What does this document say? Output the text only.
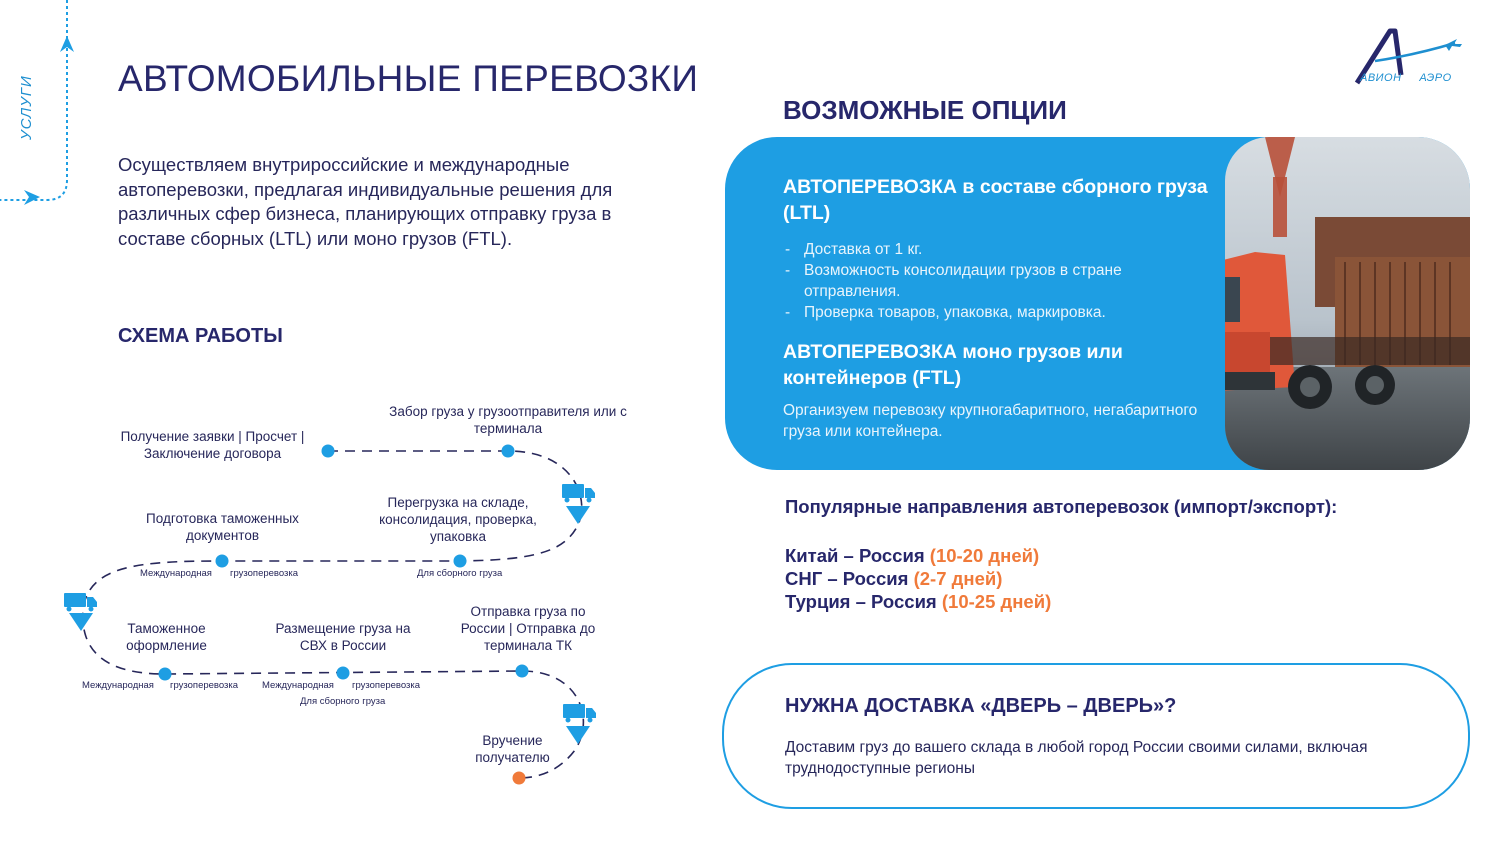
УСЛУГИ	АВИОН АЭРО
АВТОМОБИЛЬНЫЕ ПЕРЕВОЗКИ

Осуществляем внутрироссийские и международные автоперевозки, предлагая индивидуальные решения для различных сфер бизнеса, планирующих отправку груза в составе сборных (LTL) или моно грузов (FTL).

СХЕМА РАБОТЫ
Получение заявки | Просчет | Заключение договора
Забор груза у грузоотправителя или с терминала
Перегрузка на складе, консолидация, проверка, упаковка
Подготовка таможенных документов
Таможенное оформление
Размещение груза на СВХ в России
Отправка груза по России | Отправка до терминала ТК
Вручение получателю
Международная грузоперевозка	Для сборного груза
Международная грузоперевозка	Международная грузоперевозка
Для сборного груза
ВОЗМОЖНЫЕ ОПЦИИ
АВТОПЕРЕВОЗКА в составе сборного груза (LTL)
- Доставка от 1 кг.
- Возможность консолидации грузов в стране отправления.
- Проверка товаров, упаковка, маркировка.
АВТОПЕРЕВОЗКА моно грузов или контейнеров (FTL)
Организуем перевозку крупногабаритного, негабаритного груза или контейнера.
Популярные направления автоперевозок (импорт/экспорт):
Китай – Россия (10-20 дней)
СНГ – Россия (2-7 дней)
Турция – Россия (10-25 дней)
НУЖНА ДОСТАВКА «ДВЕРЬ – ДВЕРЬ»?
Доставим груз до вашего склада в любой город России своими силами, включая труднодоступные регионы
